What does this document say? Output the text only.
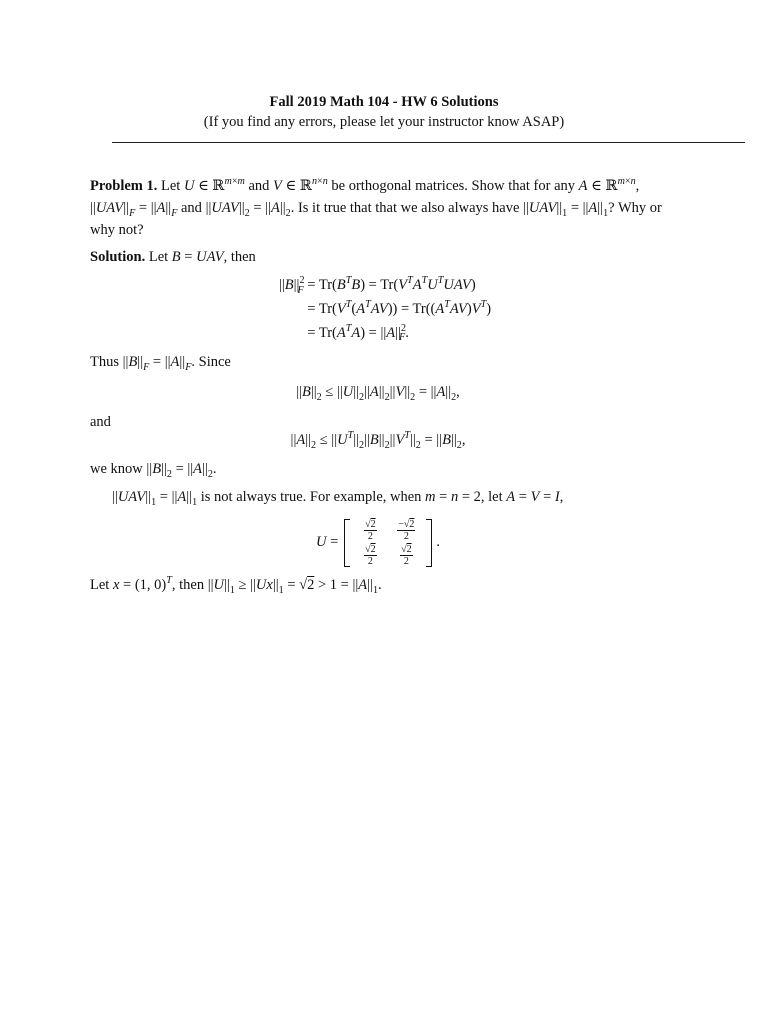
Fall 2019 Math 104 - HW 6 Solutions
(If you find any errors, please let your instructor know ASAP)

Problem 1. Let U ∈ ℝ$^{m\times m}$ and V ∈ ℝ$^{n\times n}$ be orthogonal matrices. Show that for any A ∈ ℝ$^{m\times n}$, $||UAV||_F = ||A||_F$ and $||UAV||_2 = ||A||_2$. Is it true that that we also always have $||UAV||_1 = ||A||_1$? Why or why not?

Solution. Let B = UAV, then

$||B||^2_F = Tr(B^TB) = Tr(V^TA^TU^TUAV)$
= $Tr(V^T(A^TAV)) = Tr((A^TAV)V^T)$
= $Tr(A^TA) = ||A||^2_F$.

Thus $||B||_F = ||A||_F$. Since

$||B||_2 \le ||U||_2||A||_2||V||_2 = ||A||_2$,

and

$||A||_2 \le ||U^T||_2||B||_2||V^T||_2 = ||B||_2$,

we know $||B||_2 = ||A||_2$.

$||UAV||_1 = ||A||_1$ is not always true. For example, when m = n = 2, let A = V = I,

U =
$\frac{√2}{2} \frac{-√2}{2}$
$\frac{√2}{2} \frac{√2}{2}$
.

Let x = (1, 0)$^T$, then $||U||_1 \ge ||Ux||_1 = √2 > 1 = ||A||_1$.
